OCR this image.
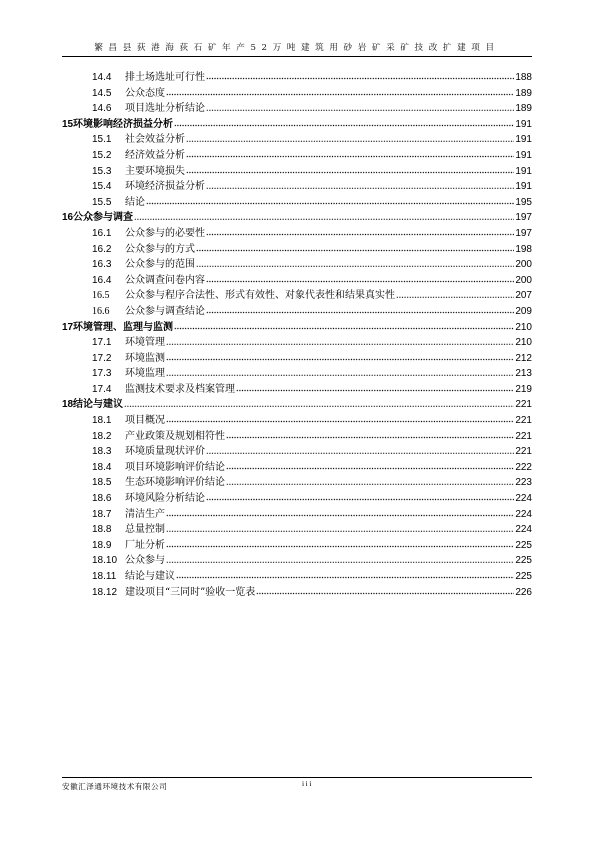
繁昌县荻港海荻石矿年产52万吨建筑用砂岩矿采矿技改扩建项目
14.4	排土场选址可行性	188
14.5	公众态度	189
14.6	项目选址分析结论	189
15 环境影响经济损益分析	191
15.1	社会效益分析	191
15.2	经济效益分析	191
15.3	主要环境损失	191
15.4	环境经济损益分析	191
15.5	结论	195
16 公众参与调查	197
16.1	公众参与的必要性	197
16.2	公众参与的方式	198
16.3	公众参与的范围	200
16.4	公众调查问卷内容	200
16.5	公众参与程序合法性、形式有效性、对象代表性和结果真实性	207
16.6	公众参与调查结论	209
17 环境管理、监理与监测	210
17.1	环境管理	210
17.2	环境监测	212
17.3	环境监理	213
17.4	监测技术要求及档案管理	219
18 结论与建议	221
18.1	项目概况	221
18.2	产业政策及规划相符性	221
18.3	环境质量现状评价	221
18.4	项目环境影响评价结论	222
18.5	生态环境影响评价结论	223
18.6	环境风险分析结论	224
18.7	清洁生产	224
18.8	总量控制	224
18.9	厂址分析	225
18.10 公众参与	225
18.11 结论与建议	225
18.12 建设项目“三同时”验收一览表	226
安徽汇泽通环境技术有限公司	iii
